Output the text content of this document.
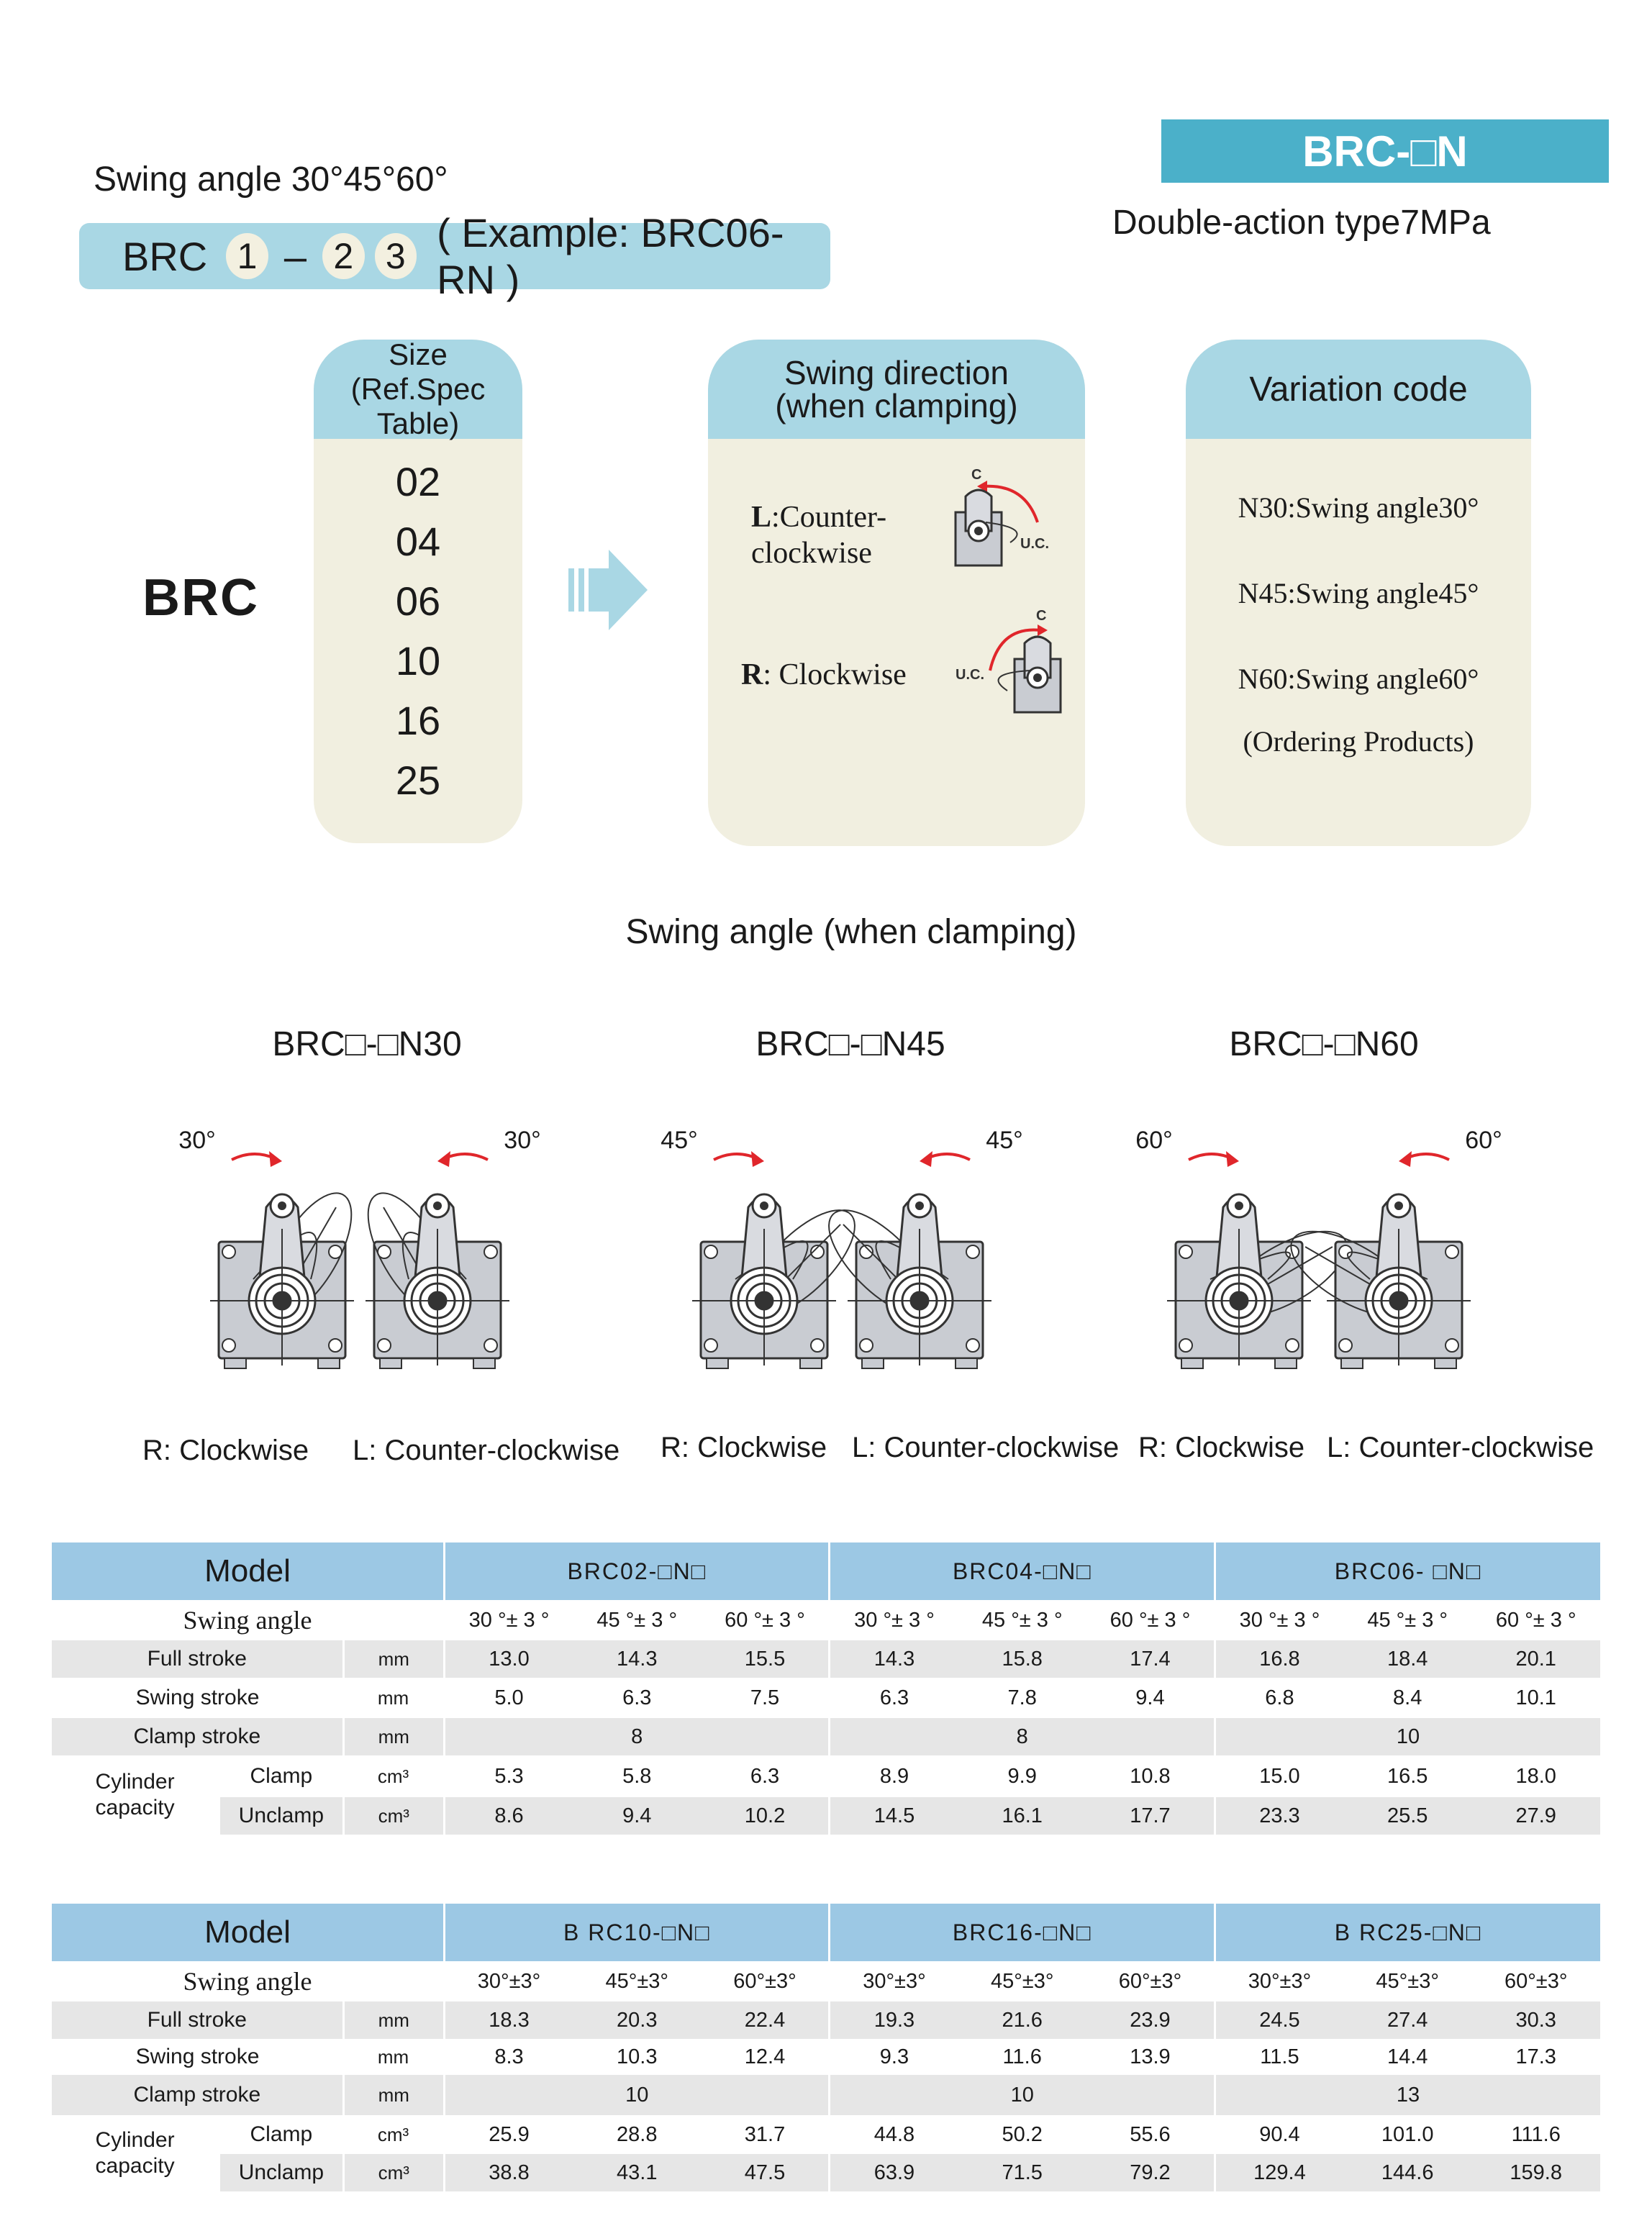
BRC-□N
Swing angle 30°45°60°
Double-action type7MPa
BRC 1 – 2 3
( Example: BRC06-RN )
BRC
Size
(Ref.Spec Table)
02
04
06
10
16
25
Swing direction
(when clamping)
L:Counter-
clockwise
R: Clockwise
C
U.C.
C
U.C.
Variation code
N30:Swing angle30°
N45:Swing angle45°
N60:Swing angle60°
(Ordering Products)
Swing angle (when clamping)
BRC□-□N30	BRC□-□N45	BRC□-□N60
30°	30°	45°	45°	60°	60°
R: Clockwise L: Counter-clockwise R: Clockwise L: Counter-clockwise R: Clockwise L: Counter-clockwise
Model			BRC02-□N□			BRC04-□N□			BRC06- □N□		
Swing angle			30 °± 3 °	45 °± 3 °	60 °± 3 °	30 °± 3 °	45 °± 3 °	60 °± 3 °	30 °± 3 °	45 °± 3 °	60 °± 3 °
Full stroke		mm	13.0	14.3	15.5	14.3	15.8	17.4	16.8	18.4	20.1
Swing stroke		mm	5.0	6.3	7.5	6.3	7.8	9.4	6.8	8.4	10.1
Clamp stroke		mm	8			8			10		

Cylinder
capacity	Clamp	cm³	5.3	5.8	6.3	8.9	9.9	10.8	15.0	16.5	18.0
	Unclamp	cm³	8.6	9.4	10.2	14.5	16.1	17.7	23.3	25.5	27.9
Model			B RC10-□N□			BRC16-□N□			B RC25-□N□		
Swing angle			30°±3°	45°±3°	60°±3°	30°±3°	45°±3°	60°±3°	30°±3°	45°±3°	60°±3°
Full stroke		mm	18.3	20.3	22.4	19.3	21.6	23.9	24.5	27.4	30.3
Swing stroke		mm	8.3	10.3	12.4	9.3	11.6	13.9	11.5	14.4	17.3
Clamp stroke		mm	10			10			13		

Cylinder
capacity	Clamp	cm³	25.9	28.8	31.7	44.8	50.2	55.6	90.4	101.0	111.6
	Unclamp	cm³	38.8	43.1	47.5	63.9	71.5	79.2	129.4	144.6	159.8
